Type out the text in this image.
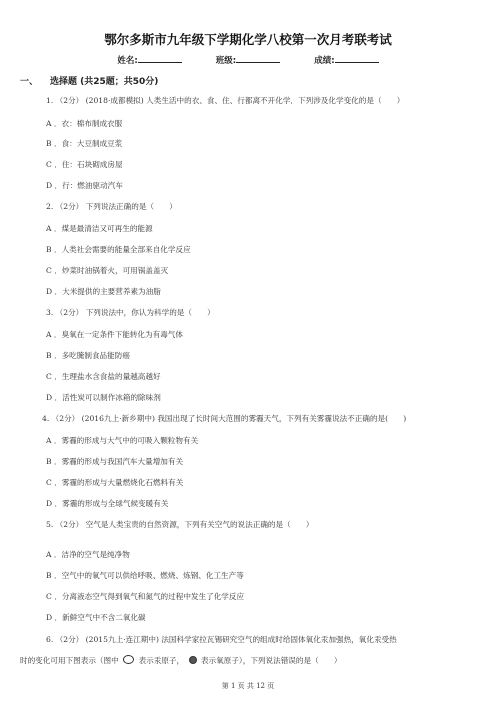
鄂尔多斯市九年级下学期化学八校第一次月考联考试
姓名:	班级:	成绩:
一、 选择题 (共25题；共50分)
1. （2分） (2018·成都模拟) 人类生活中的衣、食、住、行都离不开化学．下列涉及化学变化的是（　　）
A ．衣：棉布制成衣服
B ．食：大豆制成豆浆
C ．住：石块砌成房屋
D ．行：燃油驱动汽车
2. （2分） 下列说法正确的是（　　）
A ．煤是最清洁又可再生的能源
B ．人类社会需要的能量全部来自化学反应
C ．炒菜时油锅着火，可用锅盖盖灭
D ．大米提供的主要营养素为油脂
3. （2分） 下列说法中，你认为科学的是（　　）
A ．臭氧在一定条件下能转化为有毒气体
B ．多吃腌制食品能防癌
C ．生理盐水含食盐的量越高越好
D ．活性炭可以制作冰箱的除味剂
4. （2分） (2016九上·新乡期中) 我国出现了长时间大范围的雾霾天气，下列有关雾霾说法不正确的是(　　)
A ．雾霾的形成与大气中的可吸入颗粒物有关
B ．雾霾的形成与我国汽车大量增加有关
C ．雾霾的形成与大量燃烧化石燃料有关
D ．雾霾的形成与全球气候变暖有关
5. （2分） 空气是人类宝贵的自然资源，下列有关空气的说法正确的是（　　）
A ．洁净的空气是纯净物
B ．空气中的氧气可以供给呼吸、燃烧、炼钢、化工生产等
C ．分离液态空气得到氧气和氮气的过程中发生了化学反应
D ．新鲜空气中不含二氧化碳
6. （2分） (2015九上·连江期中) 法国科学家拉瓦锡研究空气的组成时给固体氧化汞加强热，氧化汞受热
时的变化可用下图表示（图中	表示汞原子， 表示氧原子），下列说法错误的是（　　）
第 1 页 共 12 页
